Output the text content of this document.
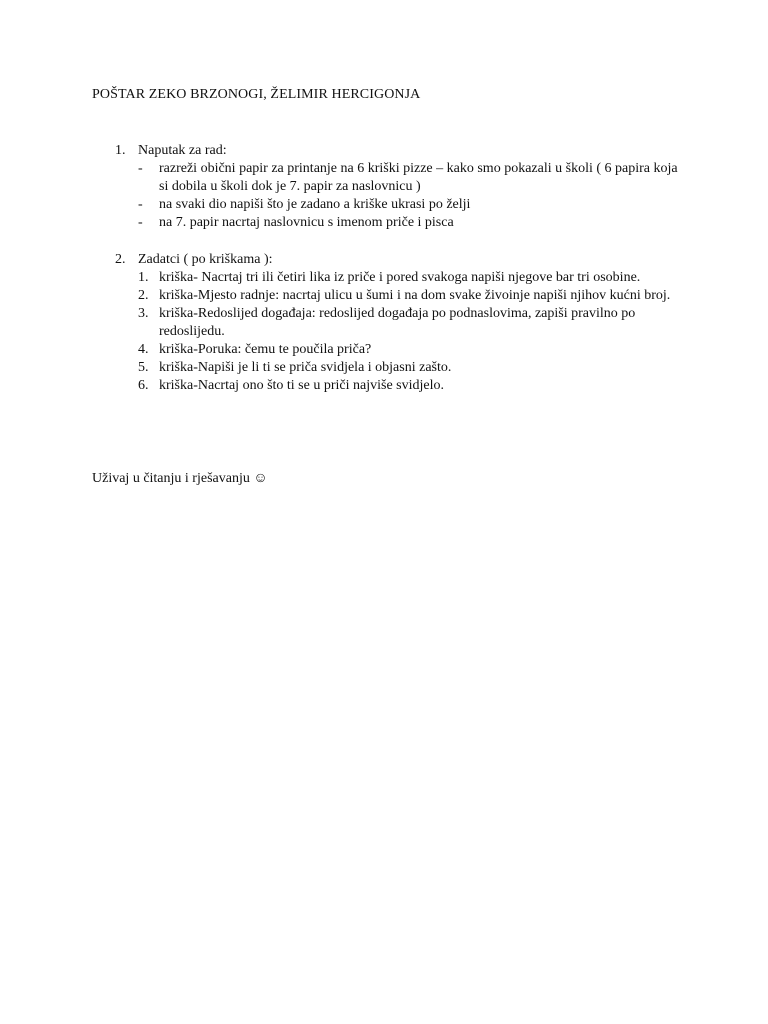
POŠTAR ZEKO BRZONOGI, ŽELIMIR HERCIGONJA
1. Naputak za rad:
-	razreži obični papir za printanje na 6 kriški pizze – kako smo pokazali u školi ( 6 papira koja si dobila u školi dok je 7. papir za naslovnicu )
-	na svaki dio napiši što je zadano a kriške ukrasi po želji
-	na 7. papir nacrtaj naslovnicu s imenom priče i pisca
2. Zadatci ( po kriškama ):
1. kriška- Nacrtaj tri ili četiri lika iz priče i pored svakoga napiši njegove bar tri osobine.
2. kriška-Mjesto radnje: nacrtaj ulicu u šumi i na dom svake živoinje napiši njihov kućni broj.
3. kriška-Redoslijed događaja: redoslijed događaja po podnaslovima, zapiši pravilno po redoslijedu.
4. kriška-Poruka: čemu te poučila priča?
5. kriška-Napiši je li ti se priča svidjela i objasni zašto.
6. kriška-Nacrtaj ono što ti se u priči najviše svidjelo.

Uživaj u čitanju i rješavanju ☺
